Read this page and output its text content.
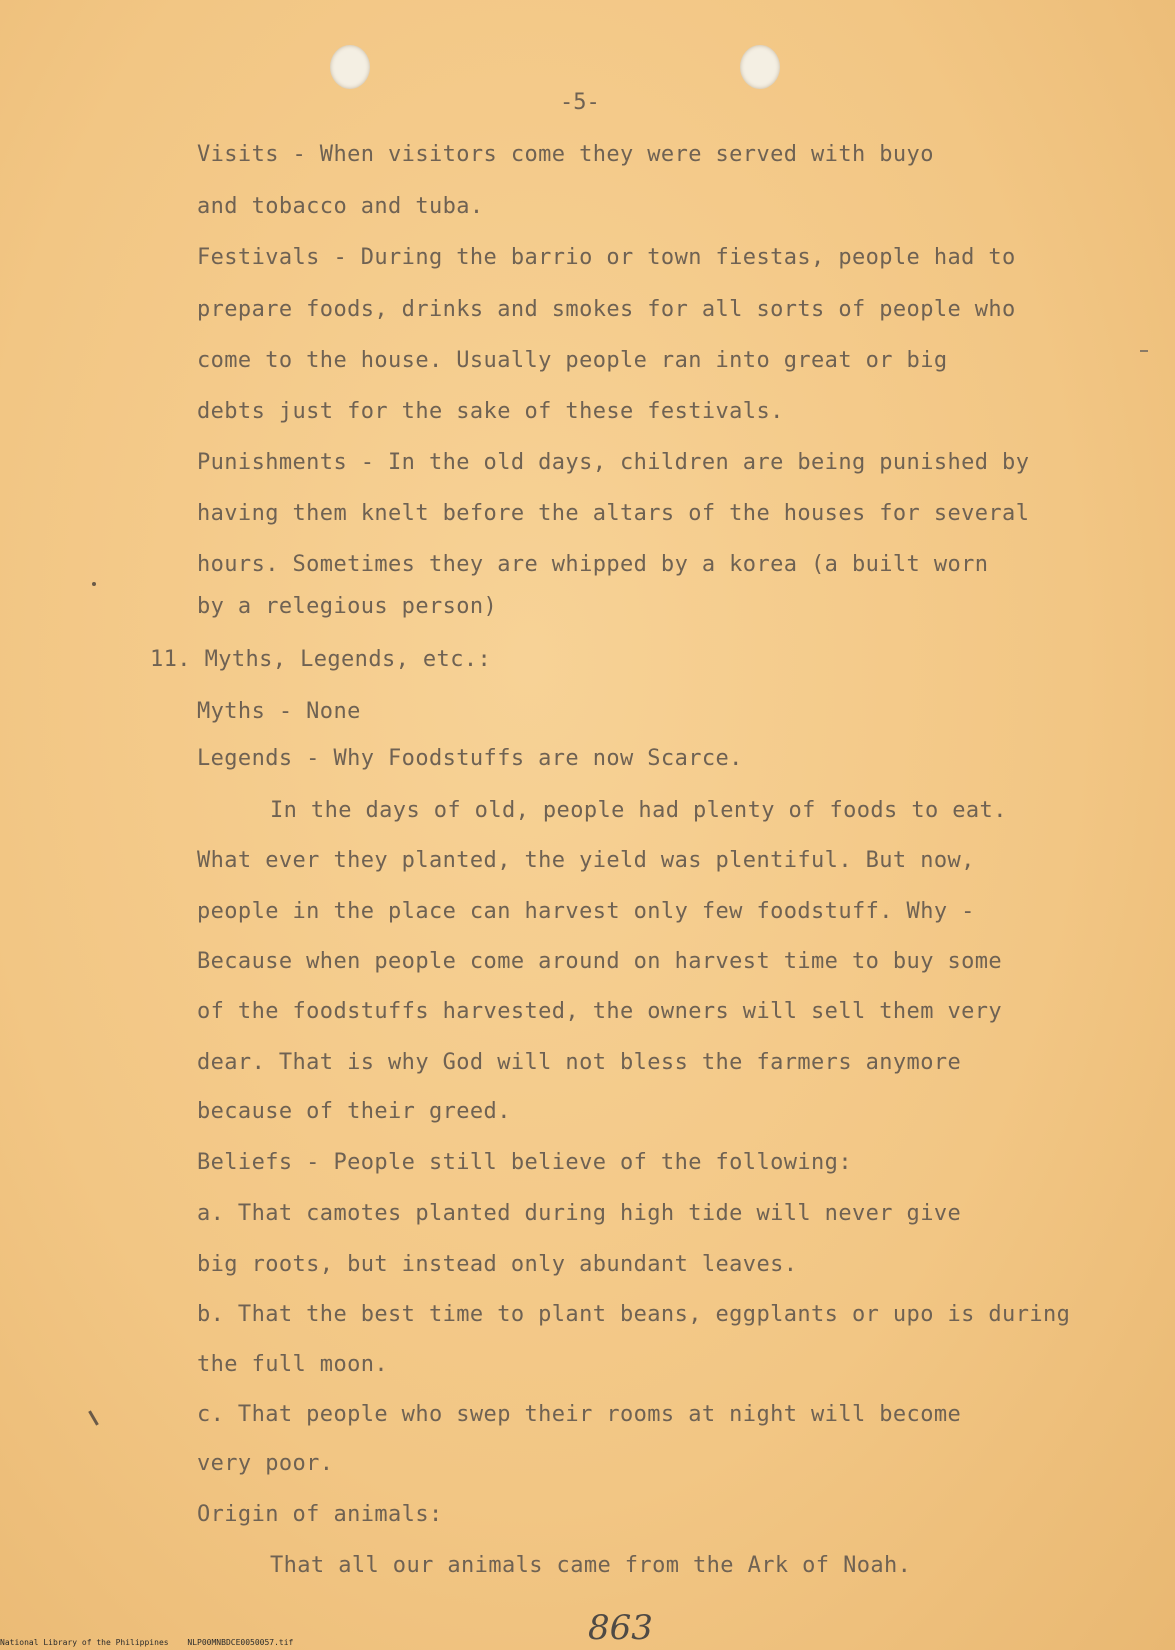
-5-
Visits - When visitors come they were served with buyo
and tobacco and tuba.
Festivals - During the barrio or town fiestas, people had to
prepare foods, drinks and smokes for all sorts of people who
come to the house. Usually people ran into great or big
debts just for the sake of these festivals.
Punishments - In the old days, children are being punished by
having them knelt before the altars of the houses for several
hours. Sometimes they are whipped by a korea (a built worn
by a relegious person)
11. Myths, Legends, etc.:
Myths - None
Legends - Why Foodstuffs are now Scarce.
In the days of old, people had plenty of foods to eat.
What ever they planted, the yield was plentiful. But now,
people in the place can harvest only few foodstuff. Why -
Because when people come around on harvest time to buy some
of the foodstuffs harvested, the owners will sell them very
dear. That is why God will not bless the farmers anymore
because of their greed.
Beliefs - People still believe of the following:
a. That camotes planted during high tide will never give
big roots, but instead only abundant leaves.
b. That the best time to plant beans, eggplants or upo is during
the full moon.
c. That people who swep their rooms at night will become
very poor.
Origin of animals:
That all our animals came from the Ark of Noah.
863
National Library of the Philippines NLP00MNBDCE0050057.tif
